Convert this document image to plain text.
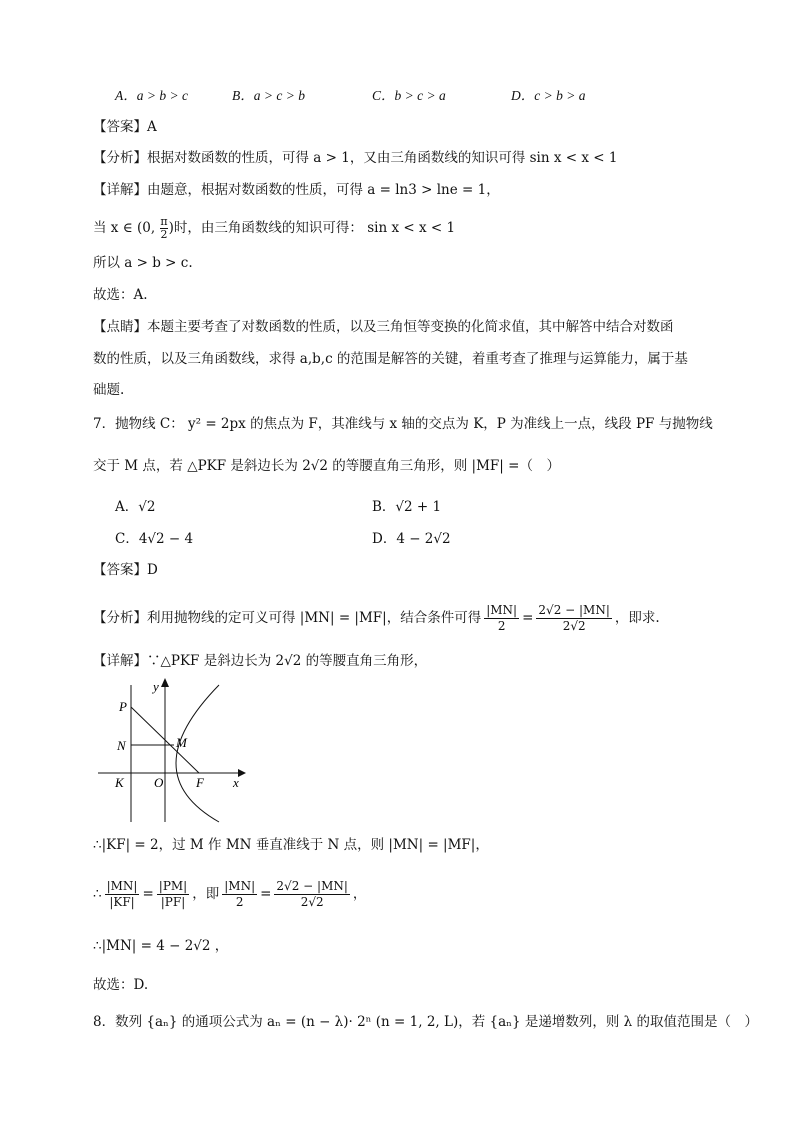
A．a > b > c	B．a > c > b	C．b > c > a	D．c > b > a
【答案】A
【分析】根据对数函数的性质，可得 a > 1，又由三角函数线的知识可得 sin x < x < 1
【详解】由题意，根据对数函数的性质，可得 a = ln3 > lne = 1，
当 x ∈ (0, $\frac{\pi}{2}$ )时，由三角函数线的知识可得： sin x < x < 1
所以 a > b > c.
故选：A.
【点睛】本题主要考查了对数函数的性质，以及三角恒等变换的化简求值，其中解答中结合对数函
数的性质，以及三角函数线，求得 a,b,c 的范围是解答的关键，着重考查了推理与运算能力，属于基
础题.
7．抛物线 C： y² = 2px 的焦点为 F，其准线与 x 轴的交点为 K，P 为准线上一点，线段 PF 与抛物线
交于 M 点，若 △PKF 是斜边长为 2√2 的等腰直角三角形，则 |MF| =（　）
A．√2	B．√2 + 1
C．4√2 − 4	D．4 − 2√2
【答案】D
【分析】利用抛物线的定可义可得 |MN| = |MF|，结合条件可得 $\frac{|MN|}{2} = \frac{2√2 - |MN|}{2√2}$ ，即求.
【详解】∵△PKF 是斜边长为 2√2 的等腰直角三角形，
y
x
P
N	M
K O	F
∴|KF| = 2，过 M 作 MN 垂直准线于 N 点，则 |MN| = |MF|，
∴ $\frac{|MN|}{|KF|} = \frac{|PM|}{|PF|}$ ，即 $\frac{|MN|}{2} = \frac{2√2 - |MN|}{2√2}$ ，
∴|MN| = 4 − 2√2 ，
故选：D.
8．数列 {aₙ} 的通项公式为 aₙ = (n − λ)· 2ⁿ (n = 1, 2, L)，若 {aₙ} 是递增数列，则 λ 的取值范围是（　）
